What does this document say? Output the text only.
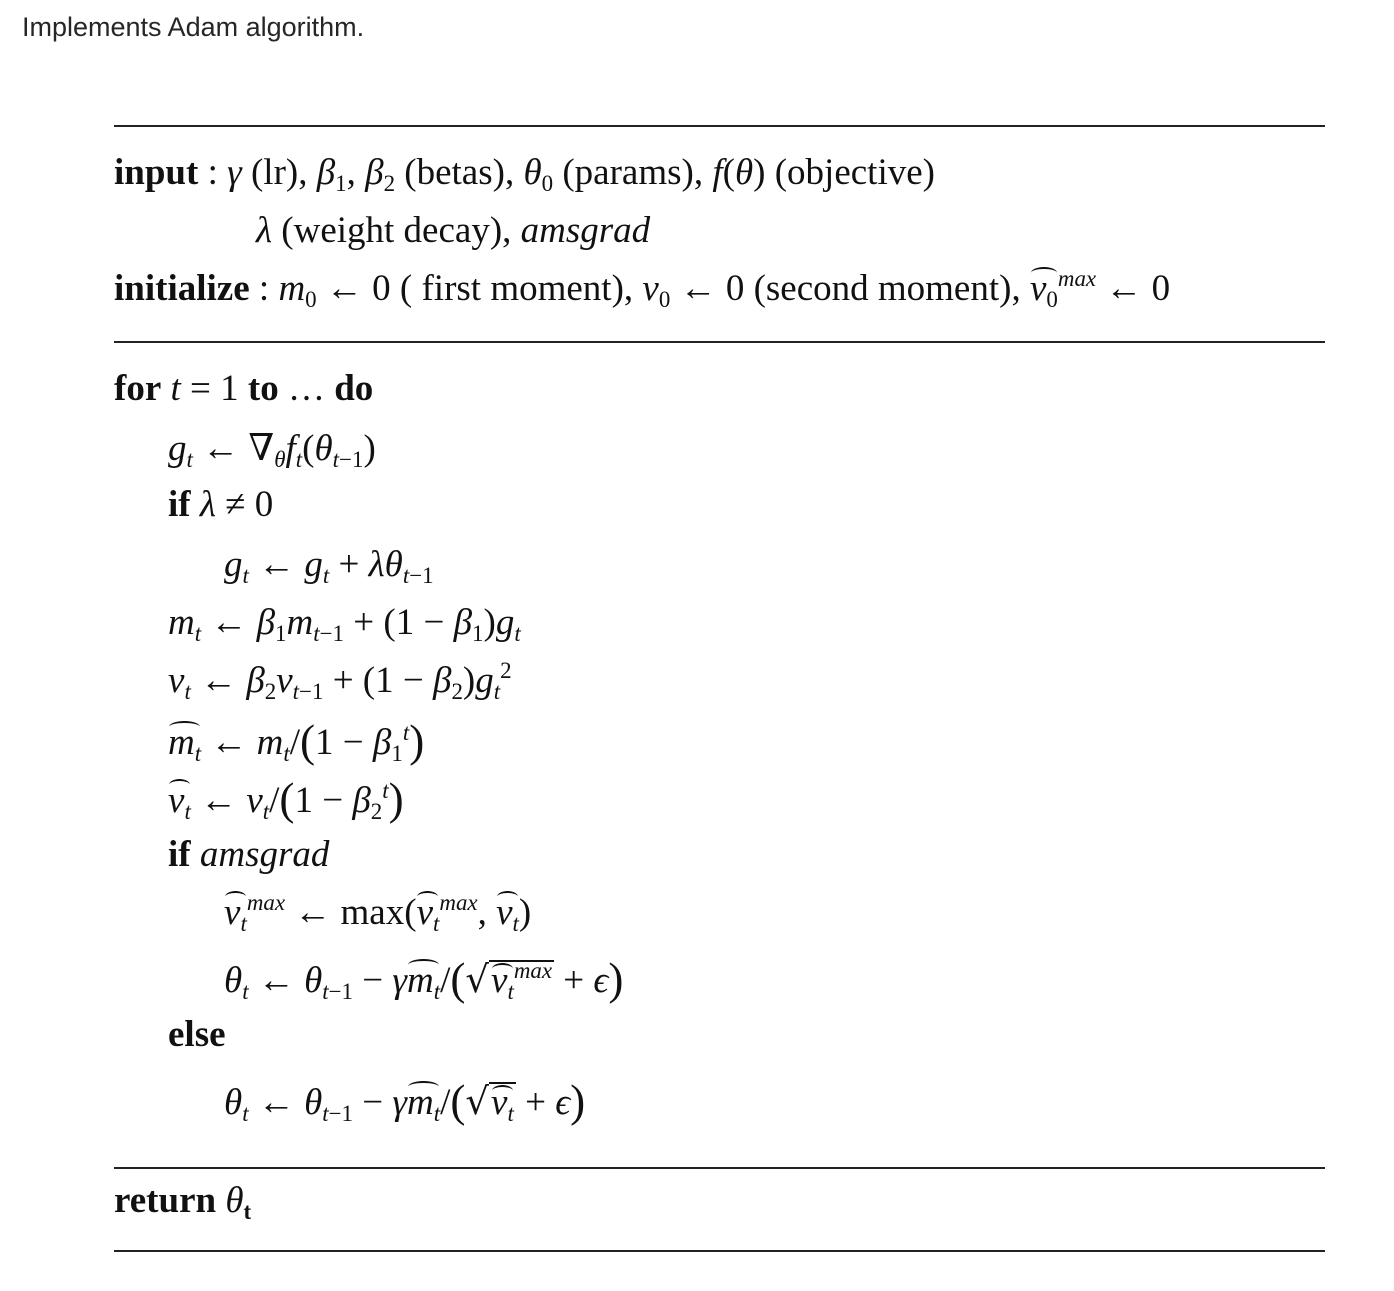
Implements Adam algorithm.
input : γ (lr), $\beta_1$, $\beta_2$ (betas), $\theta_0$ (params), f(θ) (objective)
λ (weight decay), amsgrad
initialize : $m_0$ ← 0 ( first moment), $v_0$ ← 0 (second moment), $v_0^{max}$ ← 0
for t = 1 to … do
$g_t$ ← $\nabla_\theta f_t(\theta_{t-1})$
if λ ≠ 0
$g_t$ ← $g_t + \lambda\theta_{t-1}$
$m_t$ ← $\beta_1m_{t-1} + (1 - \beta_1)g_t$
$v_t$ ← $\beta_2v_{t-1} + (1 - \beta_2)g_t^2$
$m_t$ ← $m_t/(1 - \beta_1^t)$
$v_t$ ← $v_t/(1 - \beta_2^t)$
if amsgrad
$v_t^{max}$ ← $\max(v_t^{max}$, $v_t$)
$\theta_t$ ← $\theta_{t-1} - \gamma m_t/(√v_t^{max} + \epsilon)$
else
$\theta_t$ ← $\theta_{t-1} - \gamma m_t/(√v_t + \epsilon)$
return $\theta_t$
